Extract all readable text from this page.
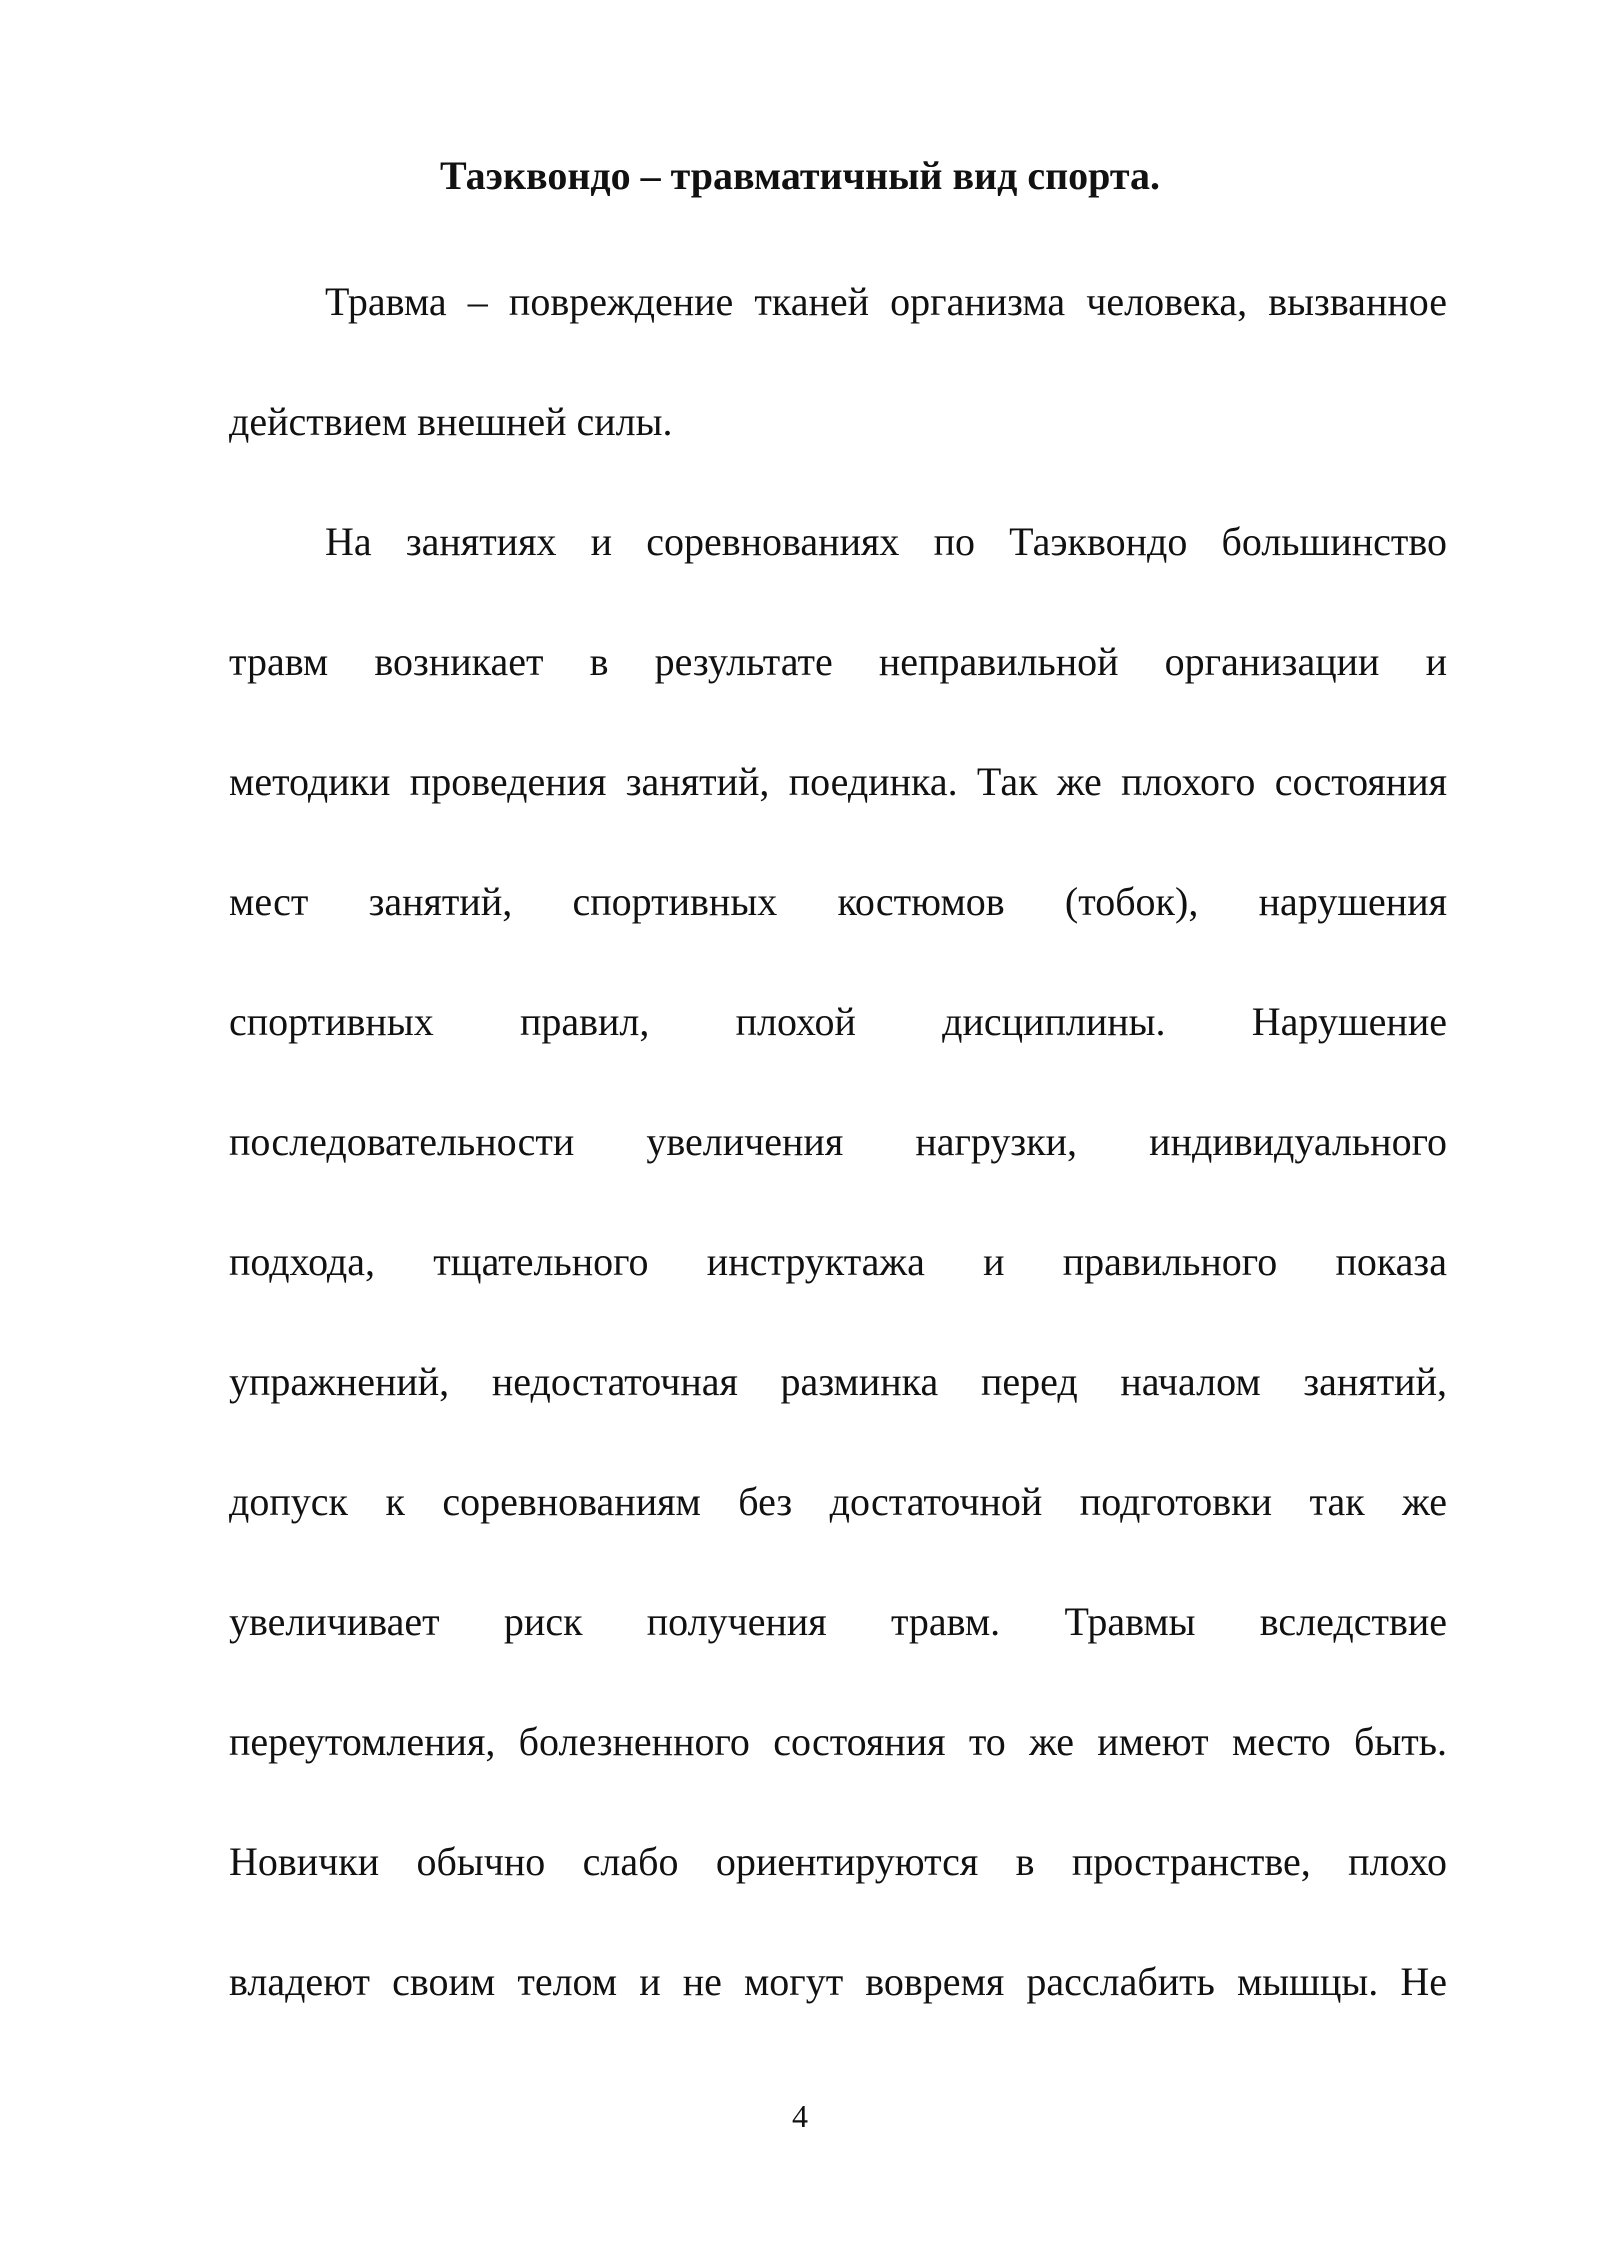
Таэквондо – травматичный вид спорта.
Травма – повреждение тканей организма человека, вызванное
действием внешней силы.
На занятиях и соревнованиях по Таэквондо большинство
травм возникает в результате неправильной организации и
методики проведения занятий, поединка. Так же плохого состояния
мест занятий, спортивных костюмов (тобок), нарушения
спортивных правил, плохой дисциплины. Нарушение
последовательности увеличения нагрузки, индивидуального
подхода, тщательного инструктажа и правильного показа
упражнений, недостаточная разминка перед началом занятий,
допуск к соревнованиям без достаточной подготовки так же
увеличивает риск получения травм. Травмы вследствие
переутомления, болезненного состояния то же имеют место быть.
Новички обычно слабо ориентируются в пространстве, плохо
владеют своим телом и не могут вовремя расслабить мышцы. Не
4
